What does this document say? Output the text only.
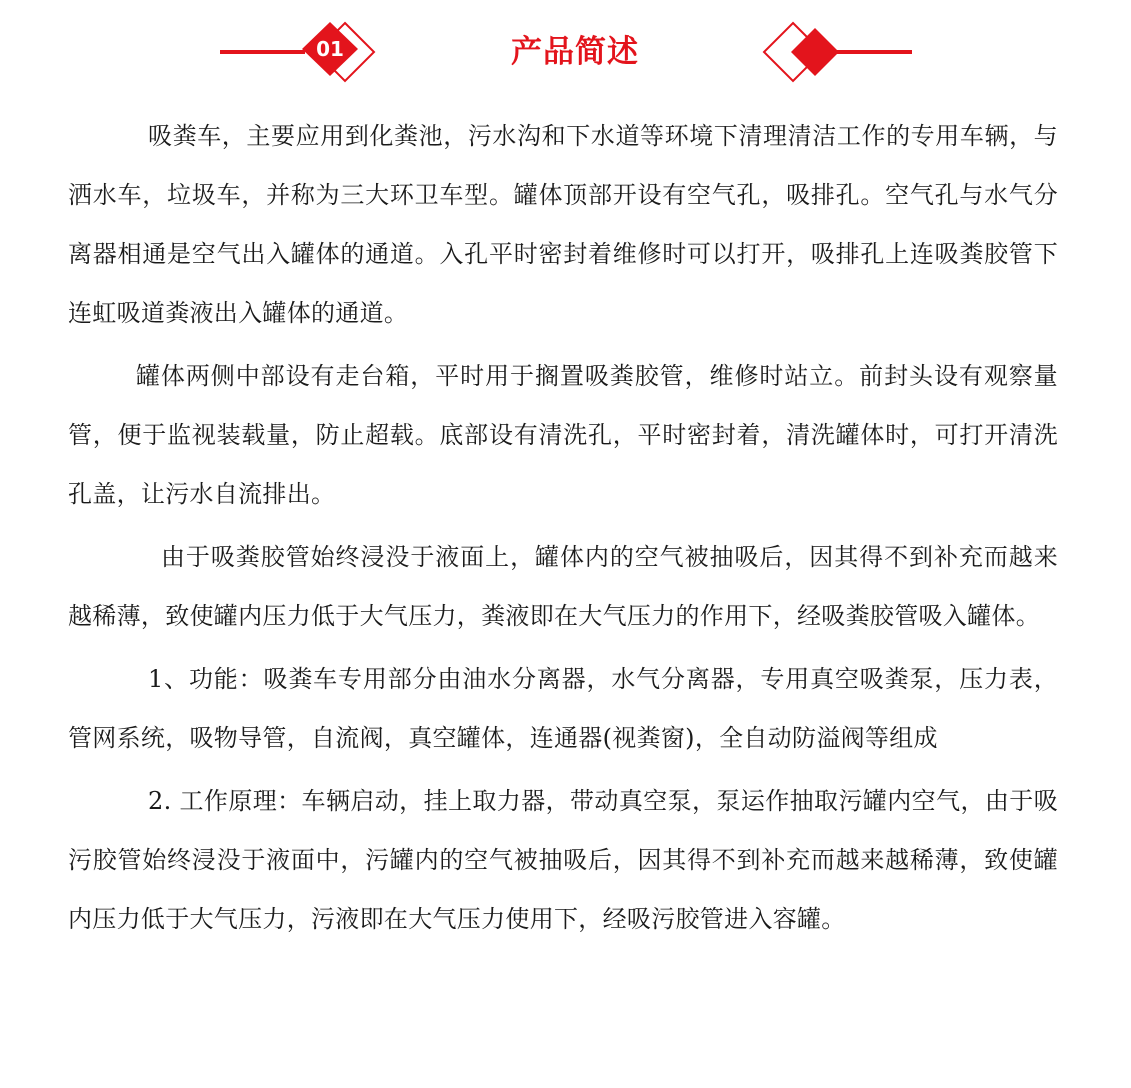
01	产品简述

吸粪车，主要应用到化粪池，污水沟和下水道等环境下清理清洁工作的专用车辆，与洒水车，垃圾车，并称为三大环卫车型。罐体顶部开设有空气孔，吸排孔。空气孔与水气分离器相通是空气出入罐体的通道。入孔平时密封着维修时可以打开，吸排孔上连吸粪胶管下连虹吸道粪液出入罐体的通道。

罐体两侧中部设有走台箱，平时用于搁置吸粪胶管，维修时站立。前封头设有观察量管，便于监视装载量，防止超载。底部设有清洗孔，平时密封着，清洗罐体时，可打开清洗孔盖，让污水自流排出。

由于吸粪胶管始终浸没于液面上，罐体内的空气被抽吸后，因其得不到补充而越来越稀薄，致使罐内压力低于大气压力，粪液即在大气压力的作用下，经吸粪胶管吸入罐体。

1、功能：吸粪车专用部分由油水分离器，水气分离器，专用真空吸粪泵，压力表，管网系统，吸物导管，自流阀，真空罐体，连通器(视粪窗)，全自动防溢阀等组成

2. 工作原理：车辆启动，挂上取力器，带动真空泵，泵运作抽取污罐内空气，由于吸污胶管始终浸没于液面中，污罐内的空气被抽吸后，因其得不到补充而越来越稀薄，致使罐内压力低于大气压力，污液即在大气压力使用下，经吸污胶管进入容罐。
